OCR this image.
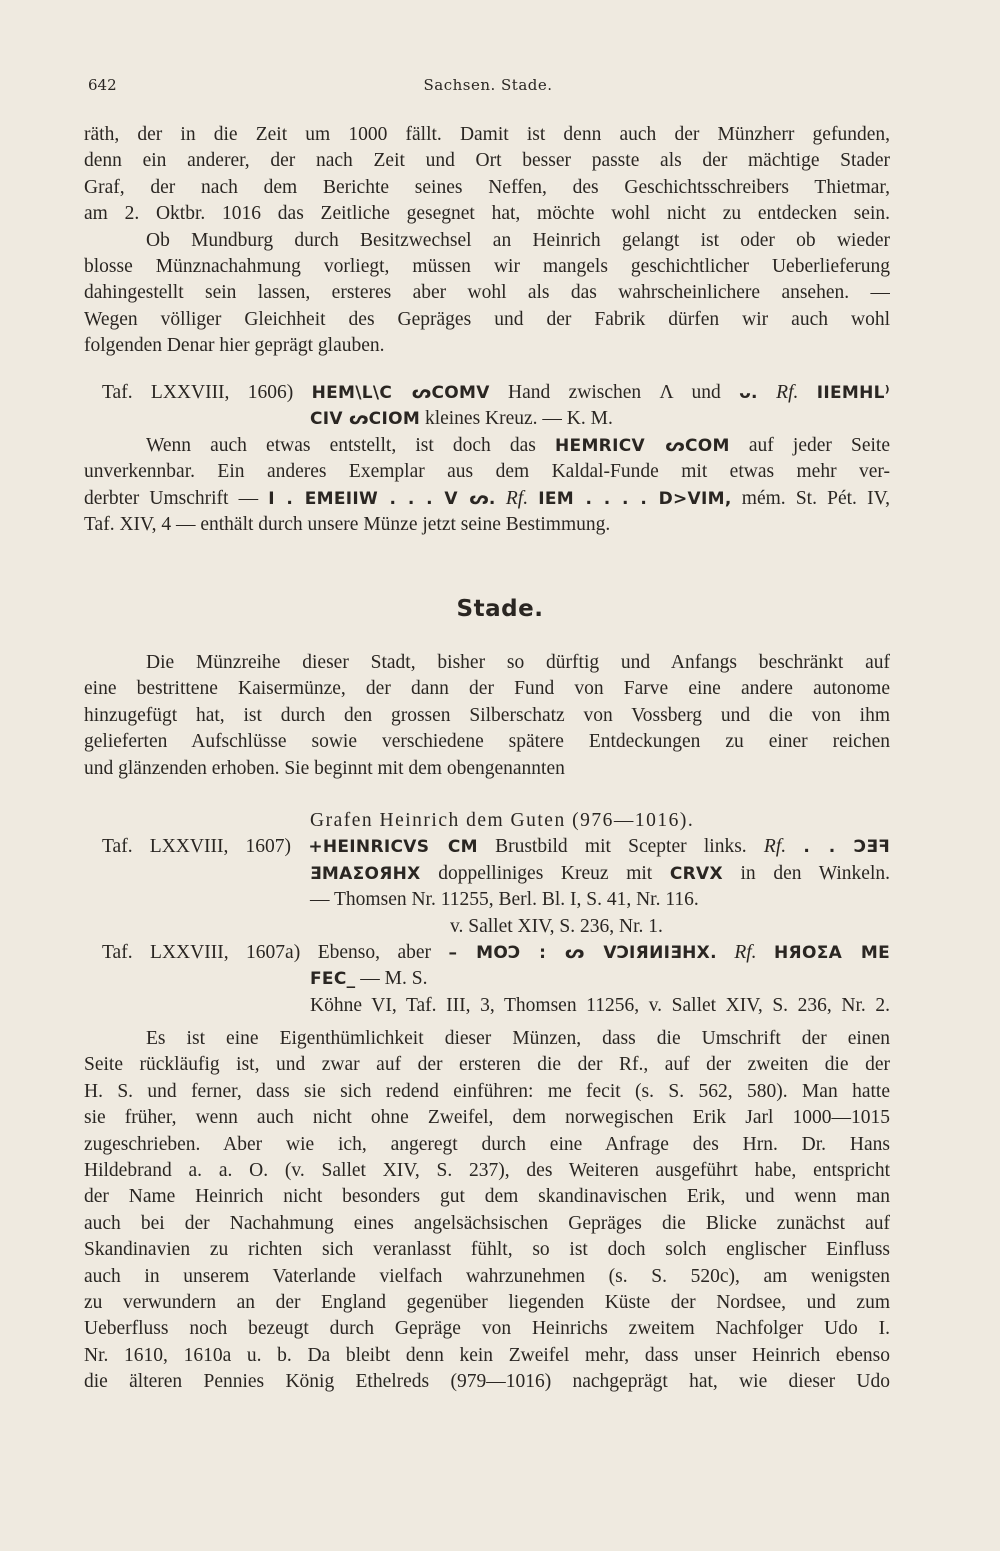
642	Sachsen. Stade.
räth, der in die Zeit um 1000 fällt. Damit ist denn auch der Münzherr gefunden,
denn ein anderer, der nach Zeit und Ort besser passte als der mächtige Stader
Graf, der nach dem Berichte seines Neffen, des Geschichtsschreibers Thietmar,
am 2. Oktbr. 1016 das Zeitliche gesegnet hat, möchte wohl nicht zu entdecken sein.
Ob Mundburg durch Besitzwechsel an Heinrich gelangt ist oder ob wieder
blosse Münznachahmung vorliegt, müssen wir mangels geschichtlicher Ueberlieferung
dahingestellt sein lassen, ersteres aber wohl als das wahrscheinlichere ansehen. —
Wegen völliger Gleichheit des Gepräges und der Fabrik dürfen wir auch wohl
folgenden Denar hier geprägt glauben.
Taf. LXXVIII, 1606) HEM\L\C ᔕCOMV Hand zwischen Λ und ᴗ. Rf. IIEMHL⁾
CIV ᔕCIOM kleines Kreuz. — K. M.
Wenn auch etwas entstellt, ist doch das HEMRICV ᔕCOM auf jeder Seite
unverkennbar. Ein anderes Exemplar aus dem Kaldal-Funde mit etwas mehr ver-
derbter Umschrift — I . EMEIIW . . . V ᔕ. Rf. IEM . . . . D>VIM, mém. St. Pét. IV,
Taf. XIV, 4 — enthält durch unsere Münze jetzt seine Bestimmung.
Stade.
Die Münzreihe dieser Stadt, bisher so dürftig und Anfangs beschränkt auf
eine bestrittene Kaisermünze, der dann der Fund von Farve eine andere autonome
hinzugefügt hat, ist durch den grossen Silberschatz von Vossberg und die von ihm
gelieferten Aufschlüsse sowie verschiedene spätere Entdeckungen zu einer reichen
und glänzenden erhoben. Sie beginnt mit dem obengenannten
Grafen Heinrich dem Guten (976—1016).
Taf. LXXVIII, 1607) +HEINRICVS CM Brustbild mit Scepter links. Rf. . . ϽƎꟻ
ƎMAΣOЯHX doppelliniges Kreuz mit CRVX in den Winkeln.
— Thomsen Nr. 11255, Berl. Bl. I, S. 41, Nr. 116.
v. Sallet XIV, S. 236, Nr. 1.
Taf. LXXVIII, 1607a) Ebenso, aber – MOϽ : ᔕ VϽIЯИIƎHX. Rf. HЯOΣA ME
FEC_ — M. S.
Köhne VI, Taf. III, 3, Thomsen 11256, v. Sallet XIV, S. 236, Nr. 2.
Es ist eine Eigenthümlichkeit dieser Münzen, dass die Umschrift der einen
Seite rückläufig ist, und zwar auf der ersteren die der Rf., auf der zweiten die der
H. S. und ferner, dass sie sich redend einführen: me fecit (s. S. 562, 580). Man hatte
sie früher, wenn auch nicht ohne Zweifel, dem norwegischen Erik Jarl 1000—1015
zugeschrieben. Aber wie ich, angeregt durch eine Anfrage des Hrn. Dr. Hans
Hildebrand a. a. O. (v. Sallet XIV, S. 237), des Weiteren ausgeführt habe, entspricht
der Name Heinrich nicht besonders gut dem skandinavischen Erik, und wenn man
auch bei der Nachahmung eines angelsächsischen Gepräges die Blicke zunächst auf
Skandinavien zu richten sich veranlasst fühlt, so ist doch solch englischer Einfluss
auch in unserem Vaterlande vielfach wahrzunehmen (s. S. 520c), am wenigsten
zu verwundern an der England gegenüber liegenden Küste der Nordsee, und zum
Ueberfluss noch bezeugt durch Gepräge von Heinrichs zweitem Nachfolger Udo I.
Nr. 1610, 1610a u. b. Da bleibt denn kein Zweifel mehr, dass unser Heinrich ebenso
die älteren Pennies König Ethelreds (979—1016) nachgeprägt hat, wie dieser Udo
